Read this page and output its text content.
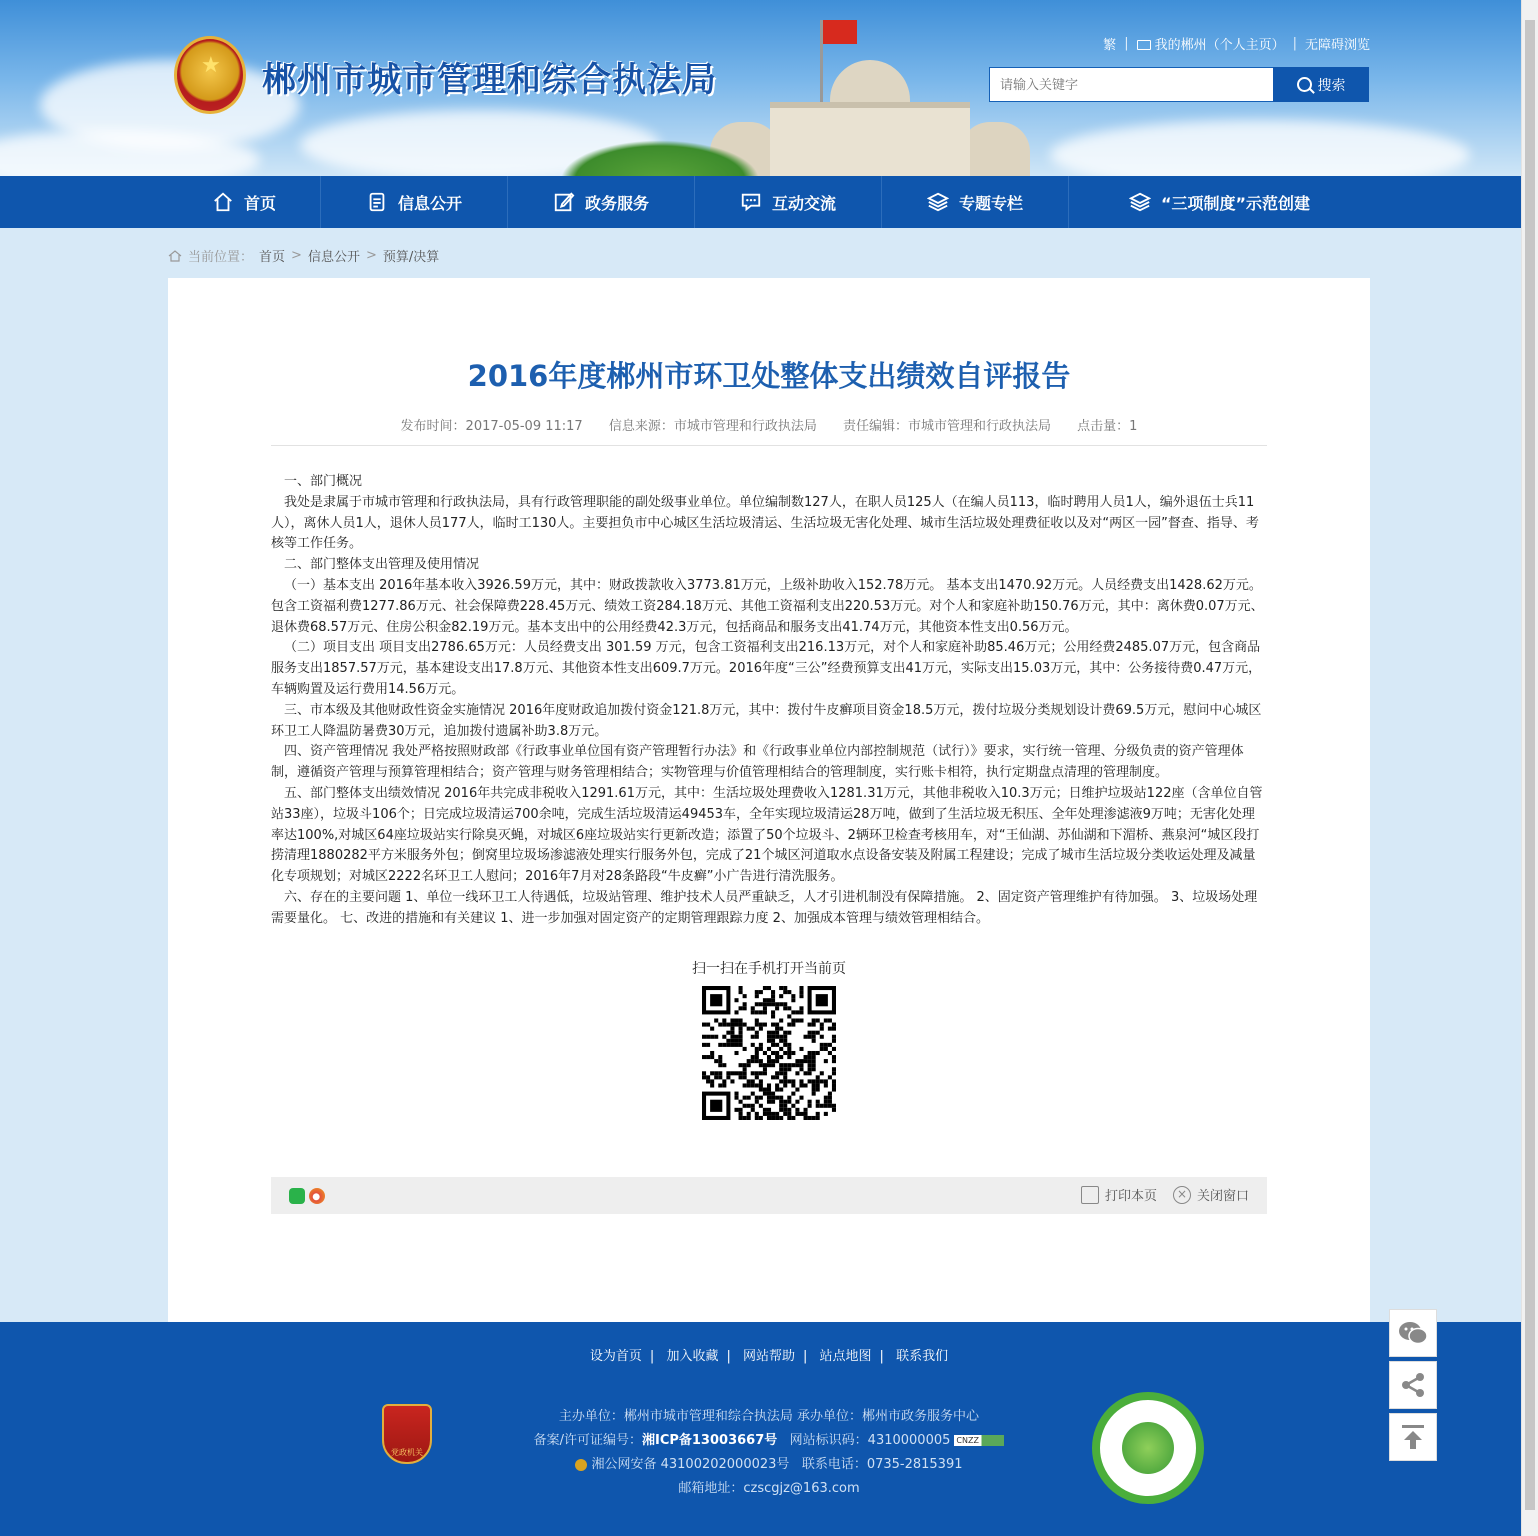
★
郴州市城市管理和综合执法局
繁 |	我的郴州（个人主页） | 无障碍浏览
请输入关键字
搜索
首页	信息公开	政务服务	互动交流	专题专栏	“三项制度”示范创建
当前位置： 首页 > 信息公开 > 预算/决算
2016年度郴州市环卫处整体支出绩效自评报告
发布时间：2017-05-09 11:17 信息来源：市城市管理和行政执法局 责任编辑：市城市管理和行政执法局 点击量：1

一、部门概况

我处是隶属于市城市管理和行政执法局，具有行政管理职能的副处级事业单位。单位编制数127人，在职人员125人（在编人员113，临时聘用人员1人，编外退伍士兵11人），离休人员1人，退休人员177人，临时工130人。主要担负市中心城区生活垃圾清运、生活垃圾无害化处理、城市生活垃圾处理费征收以及对“两区一园”督查、指导、考核等工作任务。

二、部门整体支出管理及使用情况

（一）基本支出 2016年基本收入3926.59万元，其中：财政拨款收入3773.81万元，上级补助收入152.78万元。 基本支出1470.92万元。人员经费支出1428.62万元。包含工资福利费1277.86万元、社会保障费228.45万元、绩效工资284.18万元、其他工资福利支出220.53万元。对个人和家庭补助150.76万元，其中：离休费0.07万元、退休费68.57万元、住房公积金82.19万元。基本支出中的公用经费42.3万元，包括商品和服务支出41.74万元，其他资本性支出0.56万元。

（二）项目支出 项目支出2786.65万元：人员经费支出 301.59 万元，包含工资福利支出216.13万元，对个人和家庭补助85.46万元；公用经费2485.07万元，包含商品服务支出1857.57万元，基本建设支出17.8万元、其他资本性支出609.7万元。2016年度“三公”经费预算支出41万元，实际支出15.03万元，其中：公务接待费0.47万元，车辆购置及运行费用14.56万元。

三、市本级及其他财政性资金实施情况 2016年度财政追加拨付资金121.8万元，其中：拨付牛皮癣项目资金18.5万元，拨付垃圾分类规划设计费69.5万元，慰问中心城区环卫工人降温防暑费30万元，追加拨付遗属补助3.8万元。

四、资产管理情况 我处严格按照财政部《行政事业单位国有资产管理暂行办法》和《行政事业单位内部控制规范（试行）》要求，实行统一管理、分级负责的资产管理体制，遵循资产管理与预算管理相结合；资产管理与财务管理相结合；实物管理与价值管理相结合的管理制度，实行账卡相符，执行定期盘点清理的管理制度。

五、部门整体支出绩效情况 2016年共完成非税收入1291.61万元，其中：生活垃圾处理费收入1281.31万元，其他非税收入10.3万元；日维护垃圾站122座（含单位自管站33座），垃圾斗106个；日完成垃圾清运700余吨，完成生活垃圾清运49453车，全年实现垃圾清运28万吨，做到了生活垃圾无积压、全年处理渗滤液9万吨；无害化处理率达100%,对城区64座垃圾站实行除臭灭蝇，对城区6座垃圾站实行更新改造；添置了50个垃圾斗、2辆环卫检查考核用车，对“王仙湖、苏仙湖和下湄桥、燕泉河“城区段打捞清理1880282平方米服务外包；倒窝里垃圾场渗滤液处理实行服务外包，完成了21个城区河道取水点设备安装及附属工程建设；完成了城市生活垃圾分类收运处理及减量化专项规划；对城区2222名环卫工人慰问；2016年7月对28条路段“牛皮癣”小广告进行清洗服务。

六、存在的主要问题 1、单位一线环卫工人待遇低，垃圾站管理、维护技术人员严重缺乏，人才引进机制没有保障措施。 2、固定资产管理维护有待加强。 3、垃圾场处理需要量化。 七、改进的措施和有关建议 1、进一步加强对固定资产的定期管理跟踪力度 2、加强成本管理与绩效管理相结合。

扫一扫在手机打开当前页
打印本页	× 关闭窗口
设为首页 | 加入收藏 | 网站帮助 | 站点地图 | 联系我们
党政机关
主办单位：郴州市城市管理和综合执法局 承办单位：郴州市政务服务中心
备案/许可证编号：湘ICP备13003667号 网站标识码：4310000005 CNZZ
湘公网安备 43100202000023号 联系电话：0735-2815391
邮箱地址：czscgjz@163.com
